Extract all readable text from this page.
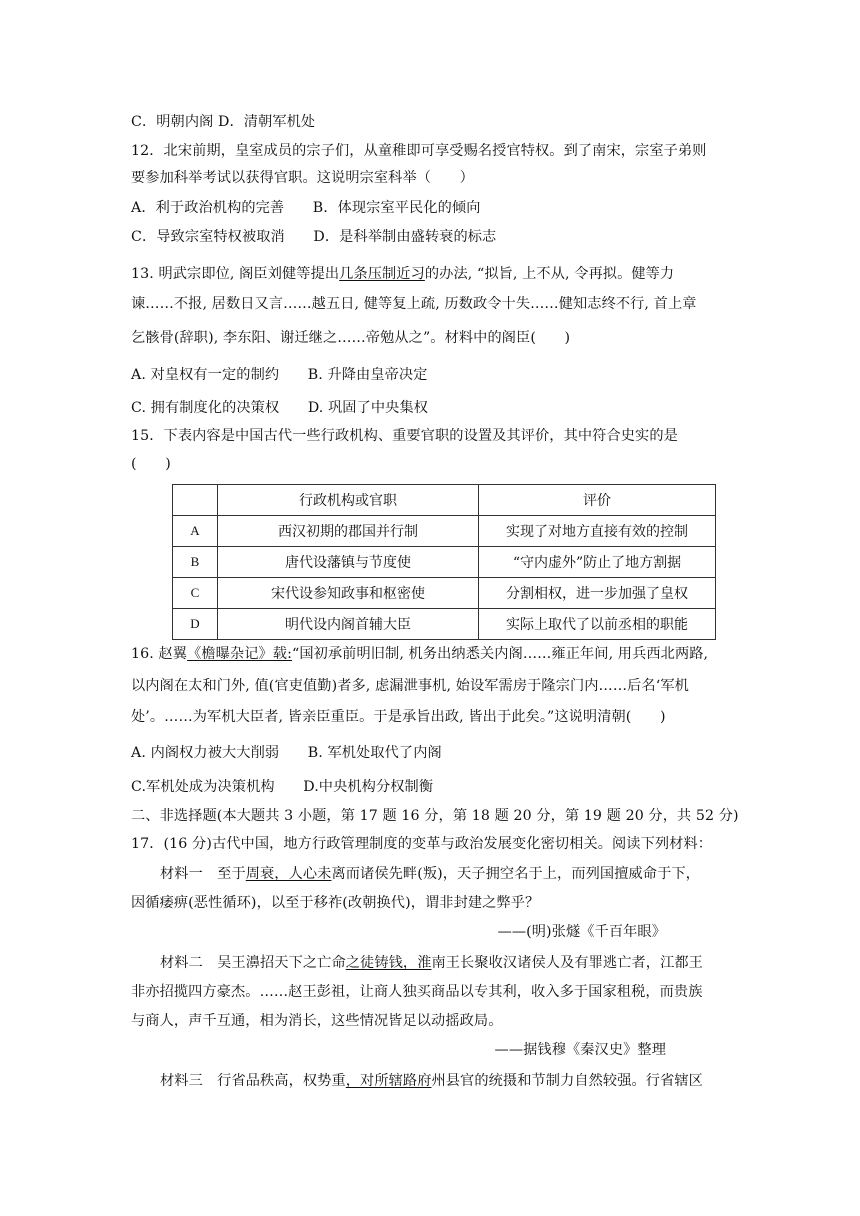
C．明朝内阁 D．清朝军机处
12．北宋前期，皇室成员的宗子们，从童稚即可享受赐名授官特权。到了南宋，宗室子弟则
要参加科举考试以获得官职。这说明宗室科举（　　）
A．利于政治机构的完善　　B．体现宗室平民化的倾向
C．导致宗室特权被取消　　D．是科举制由盛转衰的标志
13. 明武宗即位, 阁臣刘健等提出几条压制近习的办法, “拟旨, 上不从, 令再拟。健等力
谏……不报, 居数日又言……越五日, 健等复上疏, 历数政令十失……健知志终不行, 首上章
乞骸骨(辞职), 李东阳、谢迁继之……帝勉从之”。材料中的阁臣(　　)
A. 对皇权有一定的制约　　B. 升降由皇帝决定
C. 拥有制度化的决策权　　D. 巩固了中央集权
15．下表内容是中国古代一些行政机构、重要官职的设置及其评价，其中符合史实的是
(　　)
	行政机构或官职	评价
A	西汉初期的郡国并行制	实现了对地方直接有效的控制
B	唐代设藩镇与节度使	“守内虚外”防止了地方割据
C	宋代设参知政事和枢密使	分割相权，进一步加强了皇权
D	明代设内阁首辅大臣	实际上取代了以前丞相的职能
16. 赵翼《檐曝杂记》载:“国初承前明旧制, 机务出纳悉关内阁……雍正年间, 用兵西北两路,
以内阁在太和门外, 值(官吏值勤)者多, 虑漏泄事机, 始设军需房于隆宗门内……后名‘军机
处’。……为军机大臣者, 皆亲臣重臣。于是承旨出政, 皆出于此矣。”这说明清朝(　　)
A. 内阁权力被大大削弱　　B. 军机处取代了内阁
C.军机处成为决策机构　　D.中央机构分权制衡
二、非选择题(本大题共 3 小题，第 17 题 16 分，第 18 题 20 分，第 19 题 20 分，共 52 分)
17．(16 分)古代中国，地方行政管理制度的变革与政治发展变化密切相关。阅读下列材料：
材料一　至于周衰，人心未离而诸侯先畔(叛)，天子拥空名于上，而列国擅威命于下，
因循痿痹(恶性循环)，以至于移祚(改朝换代)，谓非封建之弊乎？
——(明)张燧《千百年眼》
材料二　吴王濞招天下之亡命之徒铸钱，淮南王长聚收汉诸侯人及有罪逃亡者，江都王
非亦招揽四方豪杰。……赵王彭祖，让商人独买商品以专其利，收入多于国家租税，而贵族
与商人，声千互通，相为消长，这些情况皆足以动摇政局。
——据钱穆《秦汉史》整理
材料三　行省品秩高，权势重，对所辖路府州县官的统摄和节制力自然较强。行省辖区
